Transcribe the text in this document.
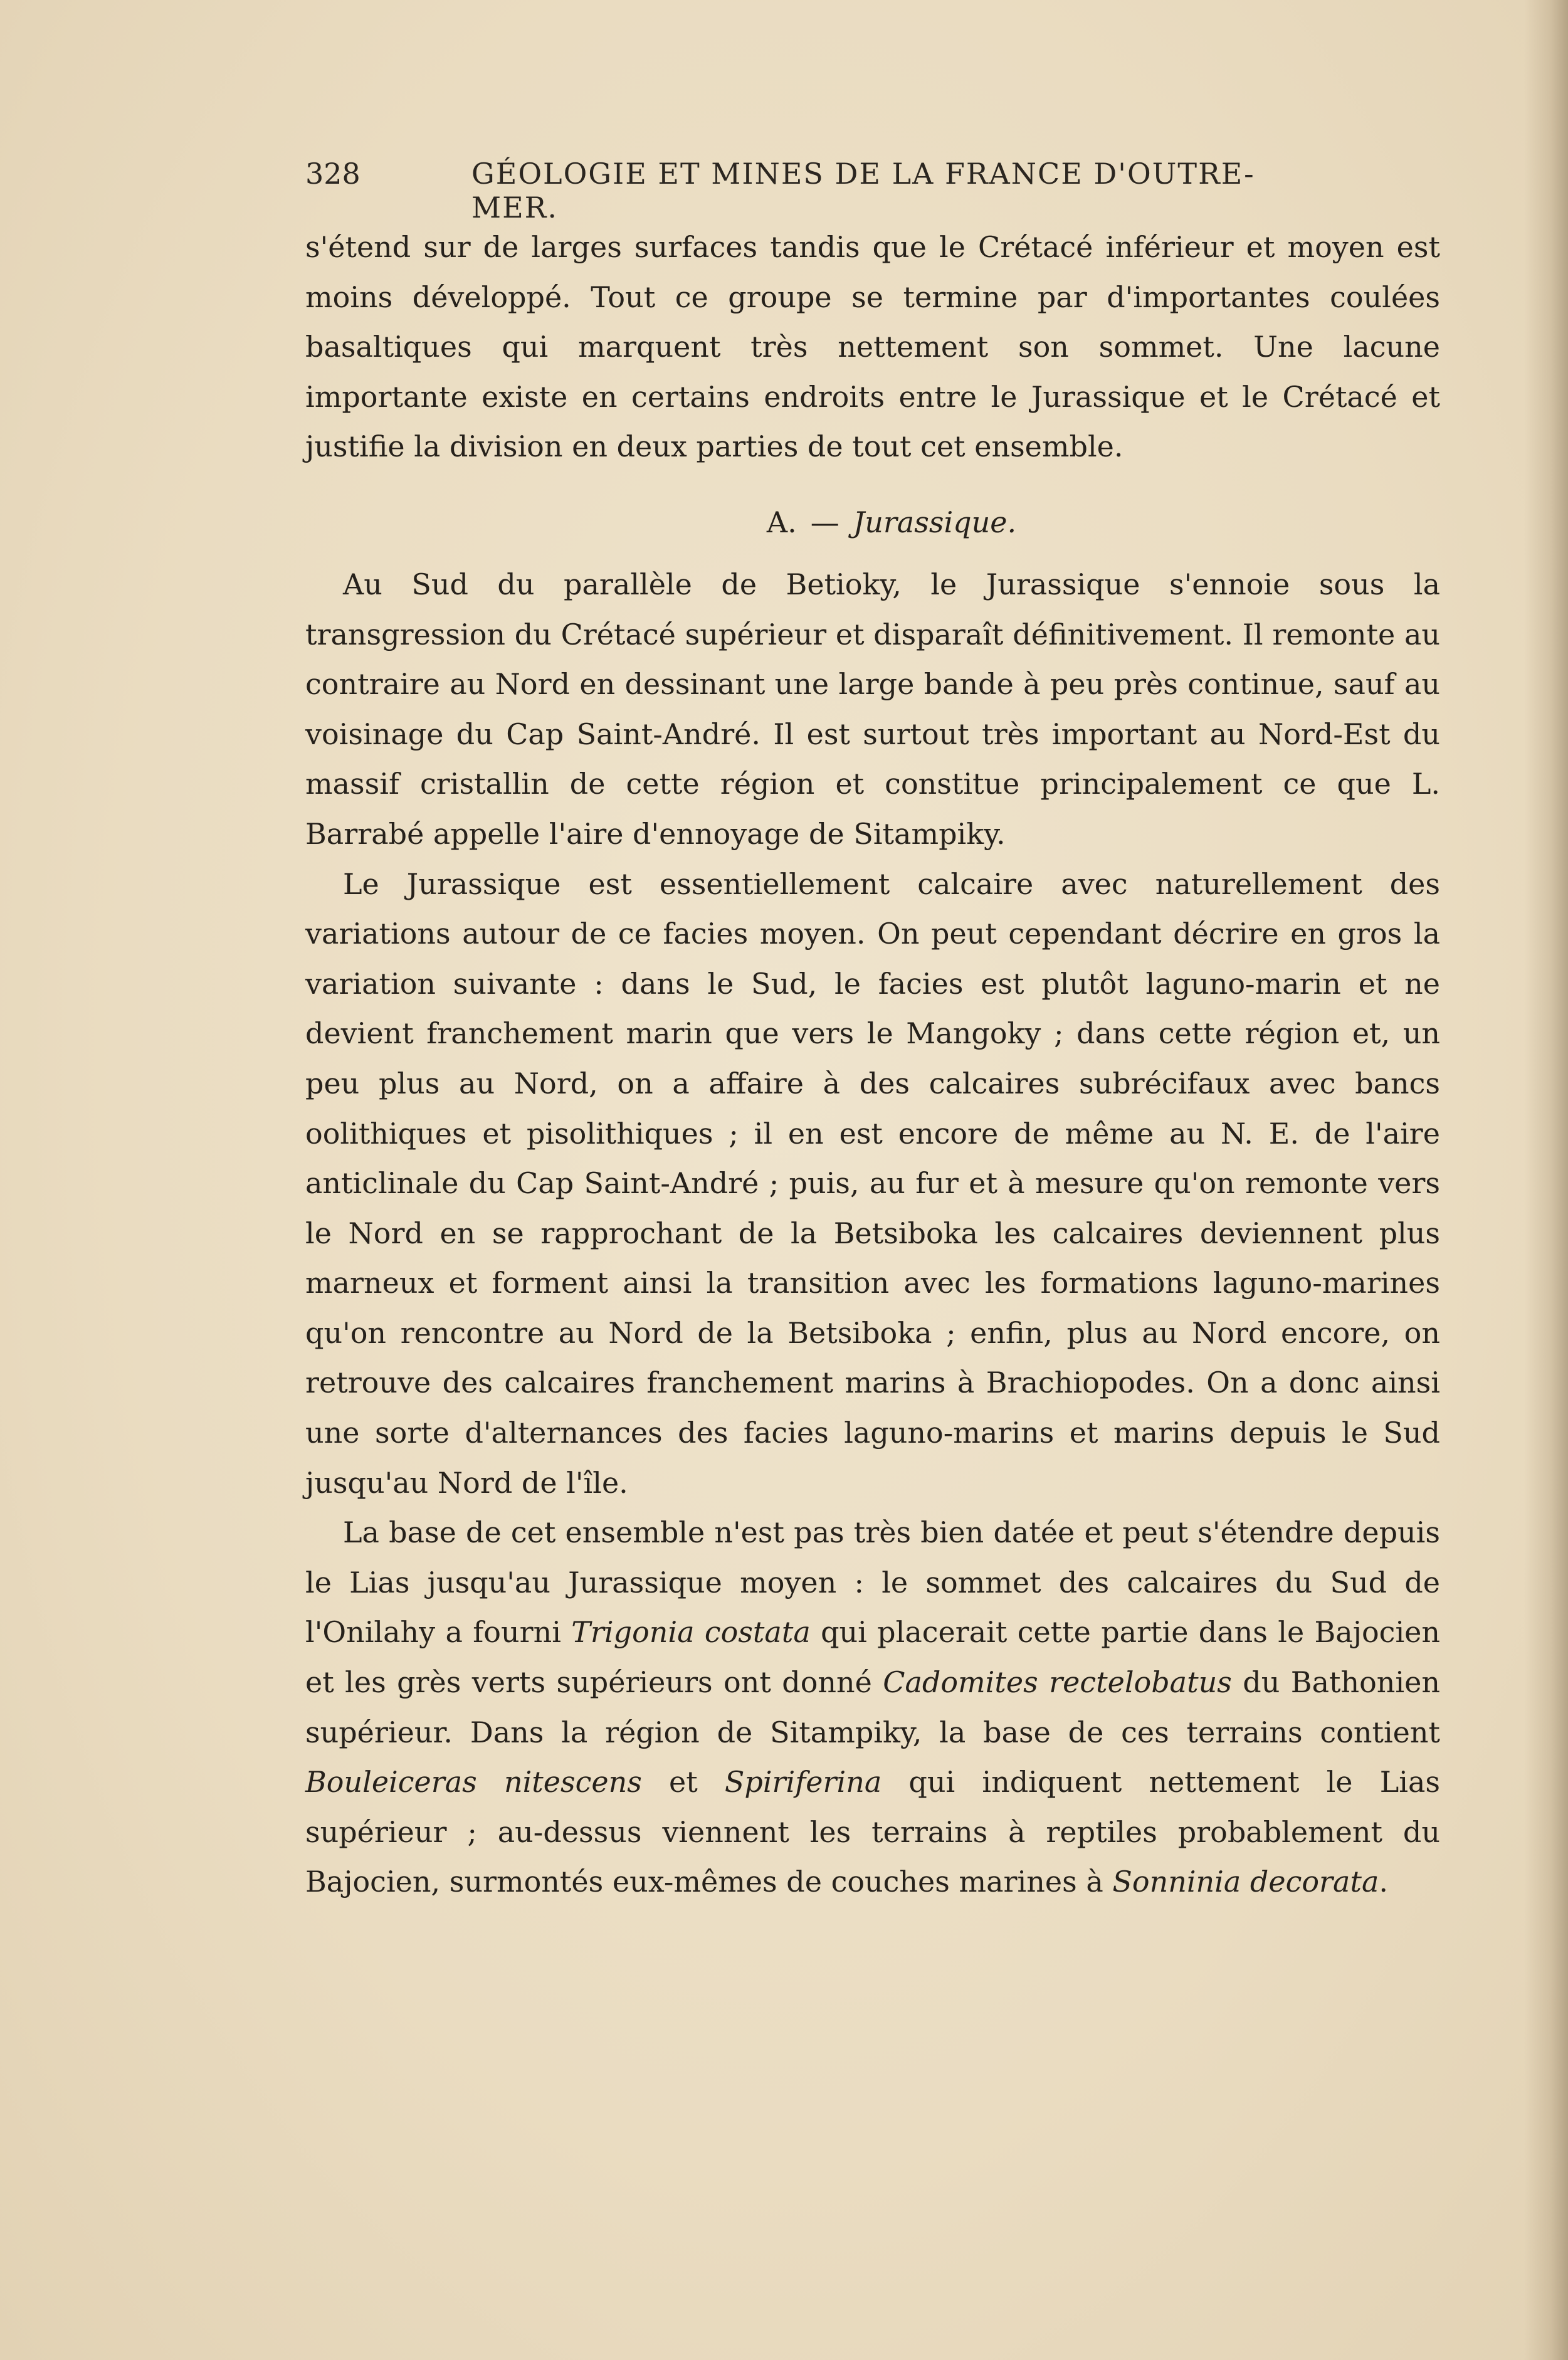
328	GÉOLOGIE ET MINES DE LA FRANCE D'OUTRE-MER.

s'étend sur de larges surfaces tandis que le Crétacé inférieur et moyen est moins développé. Tout ce groupe se termine par d'importantes coulées basaltiques qui marquent très nettement son sommet. Une lacune importante existe en certains endroits entre le Jurassique et le Crétacé et justifie la division en deux parties de tout cet ensemble.

A. — Jurassique.

Au Sud du parallèle de Betioky, le Jurassique s'ennoie sous la transgression du Crétacé supérieur et disparaît définitivement. Il remonte au contraire au Nord en dessinant une large bande à peu près continue, sauf au voisinage du Cap Saint-André. Il est surtout très important au Nord-Est du massif cristallin de cette région et constitue principalement ce que L. Barrabé appelle l'aire d'ennoyage de Sitampiky.

Le Jurassique est essentiellement calcaire avec naturellement des variations autour de ce facies moyen. On peut cependant décrire en gros la variation suivante : dans le Sud, le facies est plutôt laguno-marin et ne devient franchement marin que vers le Mangoky ; dans cette région et, un peu plus au Nord, on a affaire à des calcaires subrécifaux avec bancs oolithiques et pisolithiques ; il en est encore de même au N. E. de l'aire anticlinale du Cap Saint-André ; puis, au fur et à mesure qu'on remonte vers le Nord en se rapprochant de la Betsiboka les calcaires deviennent plus marneux et forment ainsi la transition avec les formations laguno-marines qu'on rencontre au Nord de la Betsiboka ; enfin, plus au Nord encore, on retrouve des calcaires franchement marins à Brachiopodes. On a donc ainsi une sorte d'alternances des facies laguno-marins et marins depuis le Sud jusqu'au Nord de l'île.

La base de cet ensemble n'est pas très bien datée et peut s'étendre depuis le Lias jusqu'au Jurassique moyen : le sommet des calcaires du Sud de l'Onilahy a fourni Trigonia costata qui placerait cette partie dans le Bajocien et les grès verts supérieurs ont donné Cadomites rectelobatus du Bathonien supérieur. Dans la région de Sitampiky, la base de ces terrains contient Bouleiceras nitescens et Spiriferina qui indiquent nettement le Lias supérieur ; au-dessus viennent les terrains à reptiles probablement du Bajocien, surmontés eux-mêmes de couches marines à Sonninia decorata.
